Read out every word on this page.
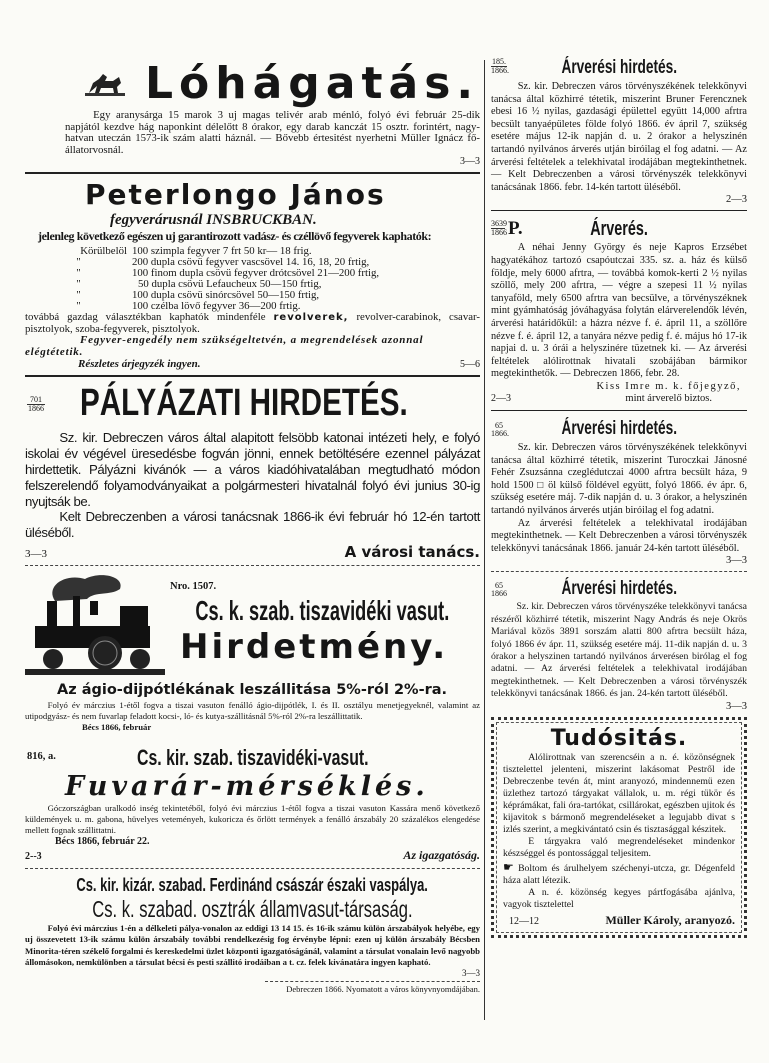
Lóhágatás.
Egy aranysárga 15 marok 3 uj magas telivér arab ménló, folyó évi február 25-dik napjától kezdve hág naponkint délelőtt 8 órakor, egy darab kanczát 15 osztr. forintért, nagy-hatvan uteczán 1573-ik szám alatti háznál. — Bővebb értesitést nyerhetni Müller Ignácz fő-állatorvosnál.
3—3
Peterlongo János
fegyverárusnál INSBRUCKBAN.
jelenleg következő egészen uj garantirozott vadász- és czéllövő fegyverek kaphatók:
Körülbelöl 100 szimpla fegyver 7 frt 50 kr— 18 frig.
"	200 dupla csövü fegyver vascsövel 14. 16, 18, 20 frtig,
"	100 finom dupla csövü fegyver drótcsövel 21—200 frtig,
"	50 dupla csövü Lefaucheux 50—150 frtig,
"	100 dupla csövü sinórcsövel 50—150 frtig,
"	100 czélba lövő fegyver 36—200 frtig.
továbbá gazdag választékban kaphatók mindenféle revolverek, revolver-carabinok, csavar-pisztolyok, szoba-fegyverek, pisztolyok.
Fegyver-engedély nem szükségeltetvén, a megrendelések azonnal elégtétetik.
Részletes árjegyzék ingyen.	5—6
701
1866 PÁLYÁZATI HIRDETÉS.
Sz. kir. Debreczen város által alapitott felsöbb katonai intézeti hely, e folyó iskolai év végével üresedésbe fogván jönni, ennek betöltésére ezennel pályázat hirdettetik. Pályázni kivánók — a város kiadóhivatalában megtudható módon felszerelendő folyamodványaikat a polgármesteri hivatalnál folyó évi junius 30-ig nyujtsák be.
Kelt Debreczenben a városi tanácsnak 1866-ik évi február hó 12-én tartott üléséből.
3—3	A városi tanács.
Nro. 1507.
Cs. k. szab. tiszavidéki vasut.
Hirdetmény.
Az ágio-dijpótlékának leszállitása 5%-ról 2%-ra.
Folyó év márczius 1-étől fogva a tiszai vasuton fenálló ágio-dijpótlék, I. és II. osztályu menetjegyeknél, valamint az utipodgyász- és nem fuvarlap feladott kocsi-, ló- és kutya-szállitásnál 5%-ról 2%-ra leszállittatik.
Bécs 1866, február
816, a.	Cs. kir. szab. tiszavidéki-vasut.
Fuvarár-mérséklés.
Góczországban uralkodó inség tekintetéből, folyó évi márczius 1-étől fogva a tiszai vasuton Kassára menő következő küldemények u. m. gabona, hüvelyes veteményeh, kukoricza és őrlött termények a fenálló árszabály 20 százalékos elengedése mellett fognak szállittatni.
Bécs 1866, február 22.
2--3	Az igazgatóság.
Cs. kir. kizár. szabad. Ferdinánd császár északi vaspálya.
Cs. k. szabad. osztrák államvasut-társaság.
Folyó évi márczius 1-én a délkeleti pálya-vonalon az eddigi 13 14 15. és 16-ik számu külön árszabályok helyébe, egy uj összevetett 13-ik számu külön árszabály további rendelkezésig fog érvénybe lépni: ezen uj külön árszabály Bécsben Minorita-téren székelő forgalmi és kereskedelmi üzlet központi igazgatóságánál, valamint a társulat vonalain levő nagyobb állomásokon, nemkülönben a társulat bécsi és pesti szállitó irodáiban a t. cz. felek kivánatára ingyen kapható.
3—3
Debreczen 1866. Nyomatott a város könyvnyomdájában.
185.
1866.	Árverési hirdetés.
Sz. kir. Debreczen város törvényszékének telekkönyvi tanácsa által közhirré tétetik, miszerint Bruner Ferencznek ebesi 16 ½ nyilas, gazdasági épülettel együtt 14,000 afrtra becsült tanyaépületes földe folyó 1866. év ápril 7, szükség esetére május 12-ik napján d. u. 2 órakor a helyszinén tartandó nyilvános árverés utján biróilag el fog adatni. — Az árverési feltételek a telekhivatal irodájában megtekinthetnek. — Kelt Debreczenben a városi törvényszék telekkönyvi tanácsának 1866. febr. 14-kén tartott üléséből.
2—3
3639
1866 P.	Árverés.
A néhai Jenny György és neje Kapros Erzsébet hagyatékához tartozó csapóutczai 335. sz. a. ház és külső földje, mely 6000 afrtra, — továbbá komok-kerti 2 ½ nyilas szöllő, mely 200 afrtra, — végre a szepesi 11 ½ nyilas tanyaföld, mely 6500 afrtra van becsülve, a törvényszéknek mint gyámhatóság jóváhagyása folytán elárverelendők lévén, árverési határidőkül: a házra nézve f. é. ápril 11, a szöllőre nézve f. é. ápril 12, a tanyára nézve pedig f. é. május hó 17-ik napjai d. u. 3 órái a helyszinére tüzetnek ki. — Az árverési feltételek alólirottnak hivatali szobájában bármikor megtekinthetők. — Debreczen 1866, febr. 28.
2—3
Kiss Imre m. k. főjegyző,
mint árverelő biztos.
65
1866.	Árverési hirdetés.
Sz. kir. Debreczen város törvényszékének telekkönyvi tanácsa által közhirré tétetik, miszerint Turoczkai Jánosné Fehér Zsuzsánna czeglédutczai 4000 afrtra becsült háza, 9 hold 1500 □ öl külső földével együtt, folyó 1866. év ápr. 6, szükség esetére máj. 7-dik napján d. u. 3 órakor, a helyszinén tartandó nyilvános árverés utján biróilag el fog adatni.
Az árverési feltételek a telekhivatal irodájában megtekinthetnek. — Kelt Debreczenben a városi törvényszék telekkönyvi tanácsának 1866. január 24-kén tartott üléséből.
3—3
65
1866	Árverési hirdetés.
Sz. kir. Debreczen város törvényszéke telekkönyvi tanácsa részéről közhirré tétetik, miszerint Nagy András és neje Okrös Mariával közös 3891 sorszám alatti 800 afrtra becsült háza, folyó 1866 év ápr. 11, szükség esetére máj. 11-dik napján d. u. 3 órakor a helyszinen tartandó nyilvános árverésen birólag el fog adatni. — Az árverési feltételek a telekhivatal irodájában megtekinthetnek. — Kelt Debreczenben a városi törvényszék telekkönyvi tanácsának 1866. és jan. 24-kén tartott üléséből.
3—3
Tudósitás.
Alólirottnak van szerencséin a n. é. közönségnek tisztelettel jelenteni, miszerint lakásomat Pestről ide Debreczenbe tevén át, mint aranyozó, mindennemü ezen üzlethez tartozó tárgyakat vállalok, u. m. régi tükör és képrámákat, fali óra-tartókat, csillárokat, egészben ujitok és kijavitok s bármonő megrendeléseket a legujabb divat s izlés szerint, a megkivántató csin és tisztasággal készitek.
E tárgyakra való megrendeléseket mindenkor készséggel és pontossággal teljesitem.
☛ Boltom és árulhelyem széchenyi-utcza, gr. Dégenfeld háza alatt létezik.
A n. é. közönség kegyes pártfogásába ajánlva, vagyok tisztelettel
12—12	Müller Károly, aranyozó.
